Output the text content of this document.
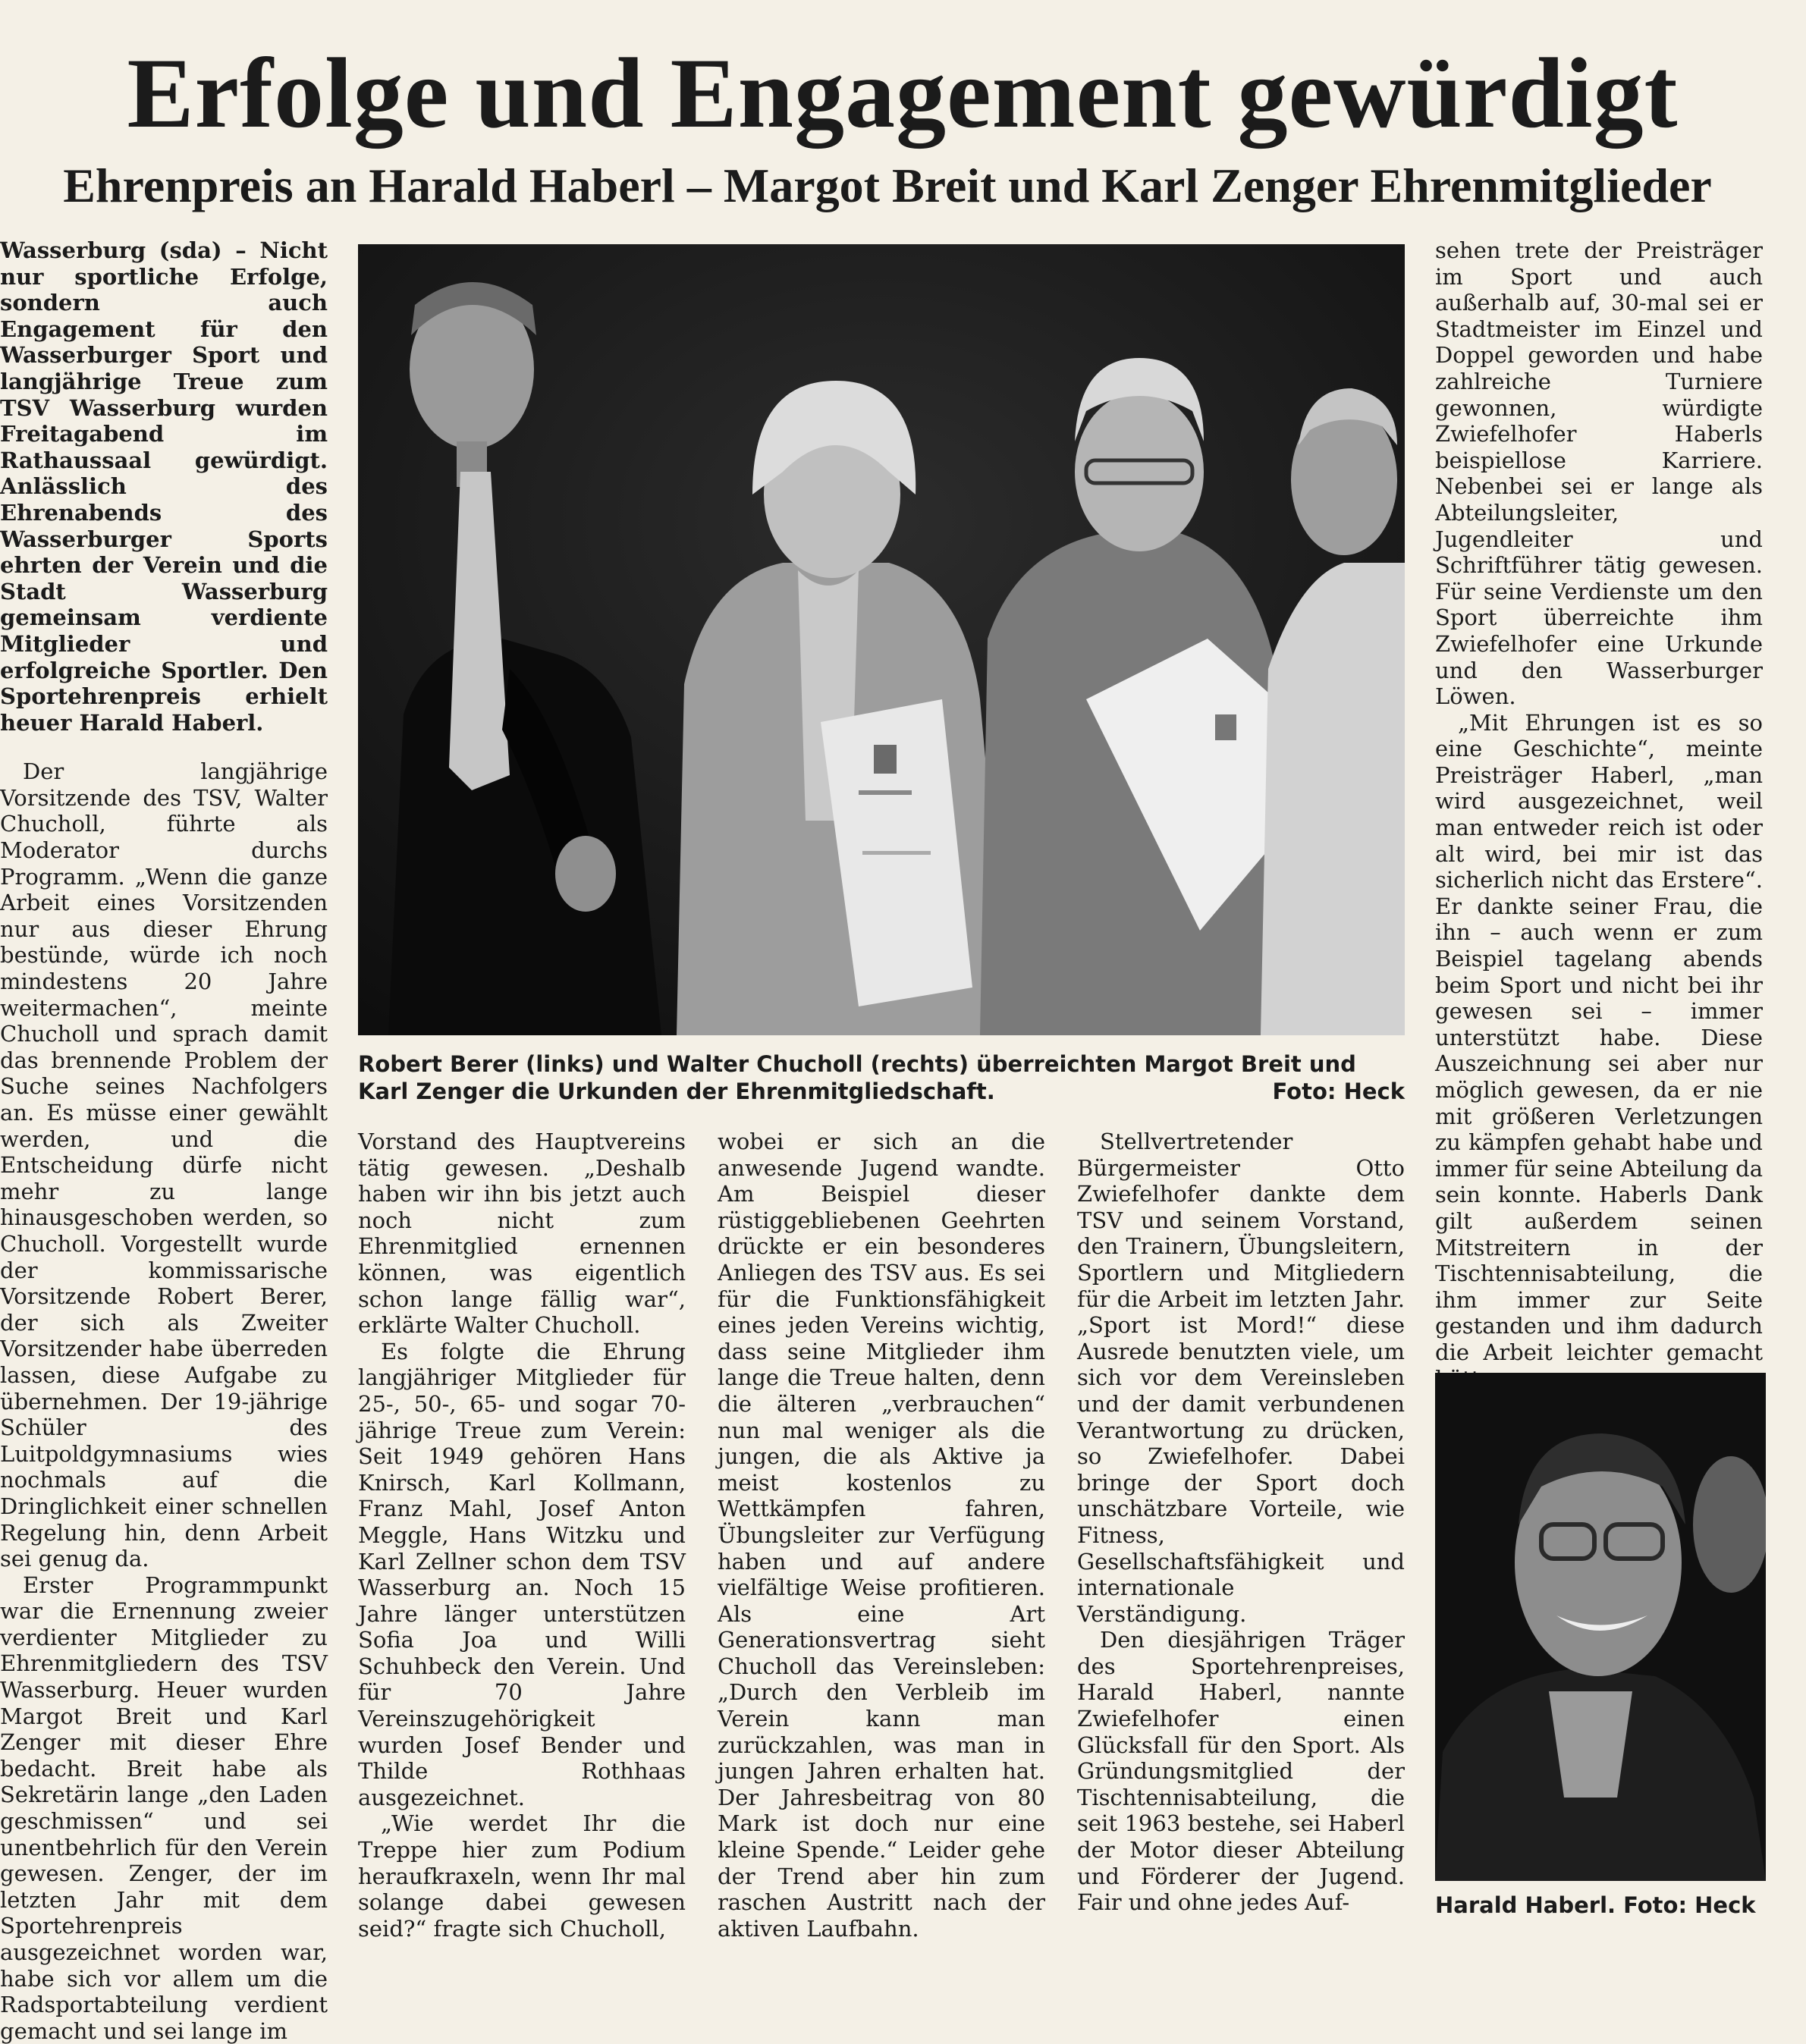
Erfolge und Engagement gewürdigt
Ehrenpreis an Harald Haberl – Margot Breit und Karl Zenger Ehrenmitglieder

Wasserburg (sda) – Nicht nur sportliche Erfolge, sondern auch Engagement für den Wasserburger Sport und langjährige Treue zum TSV Wasserburg wurden Freitagabend im Rathaussaal gewürdigt. Anlässlich des Ehrenabends des Wasserburger Sports ehrten der Verein und die Stadt Wasserburg gemeinsam verdiente Mitglieder und erfolgreiche Sportler. Den Sportehrenpreis erhielt heuer Harald Haberl.

Der langjährige Vorsitzende des TSV, Walter Chucholl, führte als Moderator durchs Programm. „Wenn die ganze Arbeit eines Vorsitzenden nur aus dieser Ehrung bestünde, würde ich noch mindestens 20 Jahre weitermachen“, meinte Chucholl und sprach damit das brennende Problem der Suche seines Nachfolgers an. Es müsse einer gewählt werden, und die Entscheidung dürfe nicht mehr zu lange hinausgeschoben werden, so Chucholl. Vorgestellt wurde der kommissarische Vorsitzende Robert Berer, der sich als Zweiter Vorsitzender habe überreden lassen, diese Aufgabe zu übernehmen. Der 19-jährige Schüler des Luitpoldgymnasiums wies nochmals auf die Dringlichkeit einer schnellen Regelung hin, denn Arbeit sei genug da.

Erster Programmpunkt war die Ernennung zweier verdienter Mitglieder zu Ehrenmitgliedern des TSV Wasserburg. Heuer wurden Margot Breit und Karl Zenger mit dieser Ehre bedacht. Breit habe als Sekretärin lange „den Laden geschmissen“ und sei unentbehrlich für den Verein gewesen. Zenger, der im letzten Jahr mit dem Sportehrenpreis ausgezeichnet worden war, habe sich vor allem um die Radsportabteilung verdient gemacht und sei lange im

Robert Berer (links) und Walter Chucholl (rechts) überreichten Margot Breit und Karl Zenger die Urkunden der Ehrenmitgliedschaft.	Foto: Heck

Vorstand des Hauptvereins tätig gewesen. „Deshalb haben wir ihn bis jetzt auch noch nicht zum Ehrenmitglied ernennen können, was eigentlich schon lange fällig war“, erklärte Walter Chucholl.

Es folgte die Ehrung langjähriger Mitglieder für 25-, 50-, 65- und sogar 70-jährige Treue zum Verein: Seit 1949 gehören Hans Knirsch, Karl Kollmann, Franz Mahl, Josef Anton Meggle, Hans Witzku und Karl Zellner schon dem TSV Wasserburg an. Noch 15 Jahre länger unterstützen Sofia Joa und Willi Schuhbeck den Verein. Und für 70 Jahre Vereinszugehörigkeit wurden Josef Bender und Thilde Rothhaas ausgezeichnet.

„Wie werdet Ihr die Treppe hier zum Podium heraufkraxeln, wenn Ihr mal solange dabei gewesen seid?“ fragte sich Chucholl,

wobei er sich an die anwesende Jugend wandte. Am Beispiel dieser rüstiggebliebenen Geehrten drückte er ein besonderes Anliegen des TSV aus. Es sei für die Funktionsfähigkeit eines jeden Vereins wichtig, dass seine Mitglieder ihm lange die Treue halten, denn die älteren „verbrauchen“ nun mal weniger als die jungen, die als Aktive ja meist kostenlos zu Wettkämpfen fahren, Übungsleiter zur Verfügung haben und auf andere vielfältige Weise profitieren. Als eine Art Generationsvertrag sieht Chucholl das Vereinsleben: „Durch den Verbleib im Verein kann man zurückzahlen, was man in jungen Jahren erhalten hat. Der Jahresbeitrag von 80 Mark ist doch nur eine kleine Spende.“ Leider gehe der Trend aber hin zum raschen Austritt nach der aktiven Laufbahn.

Stellvertretender Bürgermeister Otto Zwiefelhofer dankte dem TSV und seinem Vorstand, den Trainern, Übungsleitern, Sportlern und Mitgliedern für die Arbeit im letzten Jahr. „Sport ist Mord!“ diese Ausrede benutzten viele, um sich vor dem Vereinsleben und der damit verbundenen Verantwortung zu drücken, so Zwiefelhofer. Dabei bringe der Sport doch unschätzbare Vorteile, wie Fitness, Gesellschaftsfähigkeit und internationale Verständigung.

Den diesjährigen Träger des Sportehrenpreises, Harald Haberl, nannte Zwiefelhofer einen Glücksfall für den Sport. Als Gründungsmitglied der Tischtennisabteilung, die seit 1963 bestehe, sei Haberl der Motor dieser Abteilung und Förderer der Jugend. Fair und ohne jedes Auf-

sehen trete der Preisträger im Sport und auch außerhalb auf, 30-mal sei er Stadtmeister im Einzel und Doppel geworden und habe zahlreiche Turniere gewonnen, würdigte Zwiefelhofer Haberls beispiellose Karriere. Nebenbei sei er lange als Abteilungsleiter, Jugendleiter und Schriftführer tätig gewesen. Für seine Verdienste um den Sport überreichte ihm Zwiefelhofer eine Urkunde und den Wasserburger Löwen.

„Mit Ehrungen ist es so eine Geschichte“, meinte Preisträger Haberl, „man wird ausgezeichnet, weil man entweder reich ist oder alt wird, bei mir ist das sicherlich nicht das Erstere“. Er dankte seiner Frau, die ihn – auch wenn er zum Beispiel tagelang abends beim Sport und nicht bei ihr gewesen sei – immer unterstützt habe. Diese Auszeichnung sei aber nur möglich gewesen, da er nie mit größeren Verletzungen zu kämpfen gehabt habe und immer für seine Abteilung da sein konnte. Haberls Dank gilt außerdem seinen Mitstreitern in der Tischtennisabteilung, die ihm immer zur Seite gestanden und ihm dadurch die Arbeit leichter gemacht

Harald Haberl. Foto: Heck
